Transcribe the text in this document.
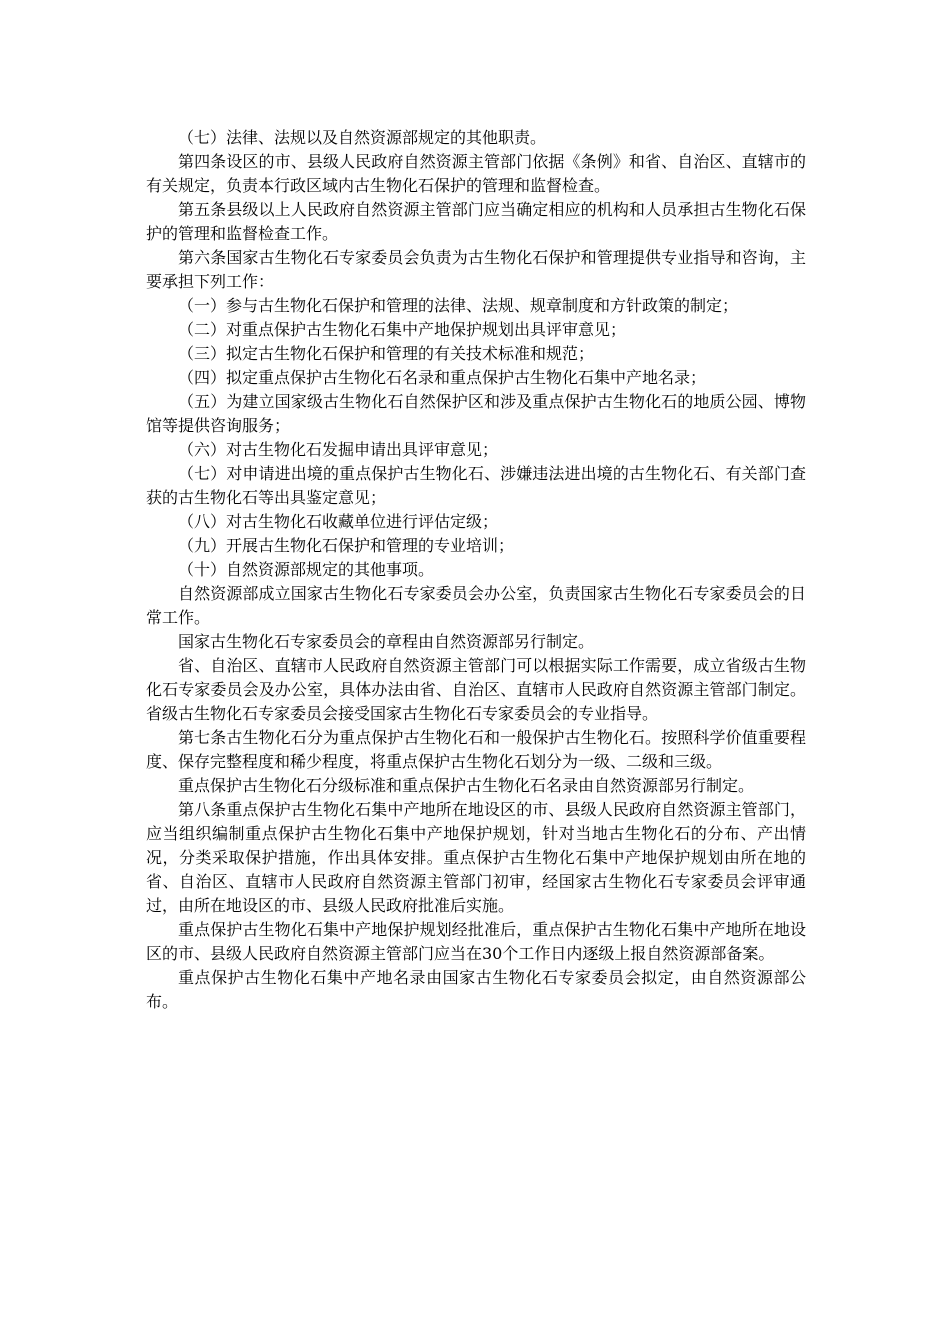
（七）法律、法规以及自然资源部规定的其他职责。

第四条设区的市、县级人民政府自然资源主管部门依据《条例》和省、自治区、直辖市的有关规定，负责本行政区域内古生物化石保护的管理和监督检查。

第五条县级以上人民政府自然资源主管部门应当确定相应的机构和人员承担古生物化石保护的管理和监督检查工作。

第六条国家古生物化石专家委员会负责为古生物化石保护和管理提供专业指导和咨询，主要承担下列工作：

（一）参与古生物化石保护和管理的法律、法规、规章制度和方针政策的制定；

（二）对重点保护古生物化石集中产地保护规划出具评审意见；

（三）拟定古生物化石保护和管理的有关技术标准和规范；

（四）拟定重点保护古生物化石名录和重点保护古生物化石集中产地名录；

（五）为建立国家级古生物化石自然保护区和涉及重点保护古生物化石的地质公园、博物馆等提供咨询服务；

（六）对古生物化石发掘申请出具评审意见；

（七）对申请进出境的重点保护古生物化石、涉嫌违法进出境的古生物化石、有关部门查获的古生物化石等出具鉴定意见；

（八）对古生物化石收藏单位进行评估定级；

（九）开展古生物化石保护和管理的专业培训；

（十）自然资源部规定的其他事项。

自然资源部成立国家古生物化石专家委员会办公室，负责国家古生物化石专家委员会的日常工作。

国家古生物化石专家委员会的章程由自然资源部另行制定。

省、自治区、直辖市人民政府自然资源主管部门可以根据实际工作需要，成立省级古生物化石专家委员会及办公室，具体办法由省、自治区、直辖市人民政府自然资源主管部门制定。省级古生物化石专家委员会接受国家古生物化石专家委员会的专业指导。

第七条古生物化石分为重点保护古生物化石和一般保护古生物化石。按照科学价值重要程度、保存完整程度和稀少程度，将重点保护古生物化石划分为一级、二级和三级。

重点保护古生物化石分级标准和重点保护古生物化石名录由自然资源部另行制定。

第八条重点保护古生物化石集中产地所在地设区的市、县级人民政府自然资源主管部门，应当组织编制重点保护古生物化石集中产地保护规划，针对当地古生物化石的分布、产出情况，分类采取保护措施，作出具体安排。重点保护古生物化石集中产地保护规划由所在地的省、自治区、直辖市人民政府自然资源主管部门初审，经国家古生物化石专家委员会评审通过，由所在地设区的市、县级人民政府批准后实施。

重点保护古生物化石集中产地保护规划经批准后，重点保护古生物化石集中产地所在地设区的市、县级人民政府自然资源主管部门应当在30个工作日内逐级上报自然资源部备案。

重点保护古生物化石集中产地名录由国家古生物化石专家委员会拟定，由自然资源部公布。
